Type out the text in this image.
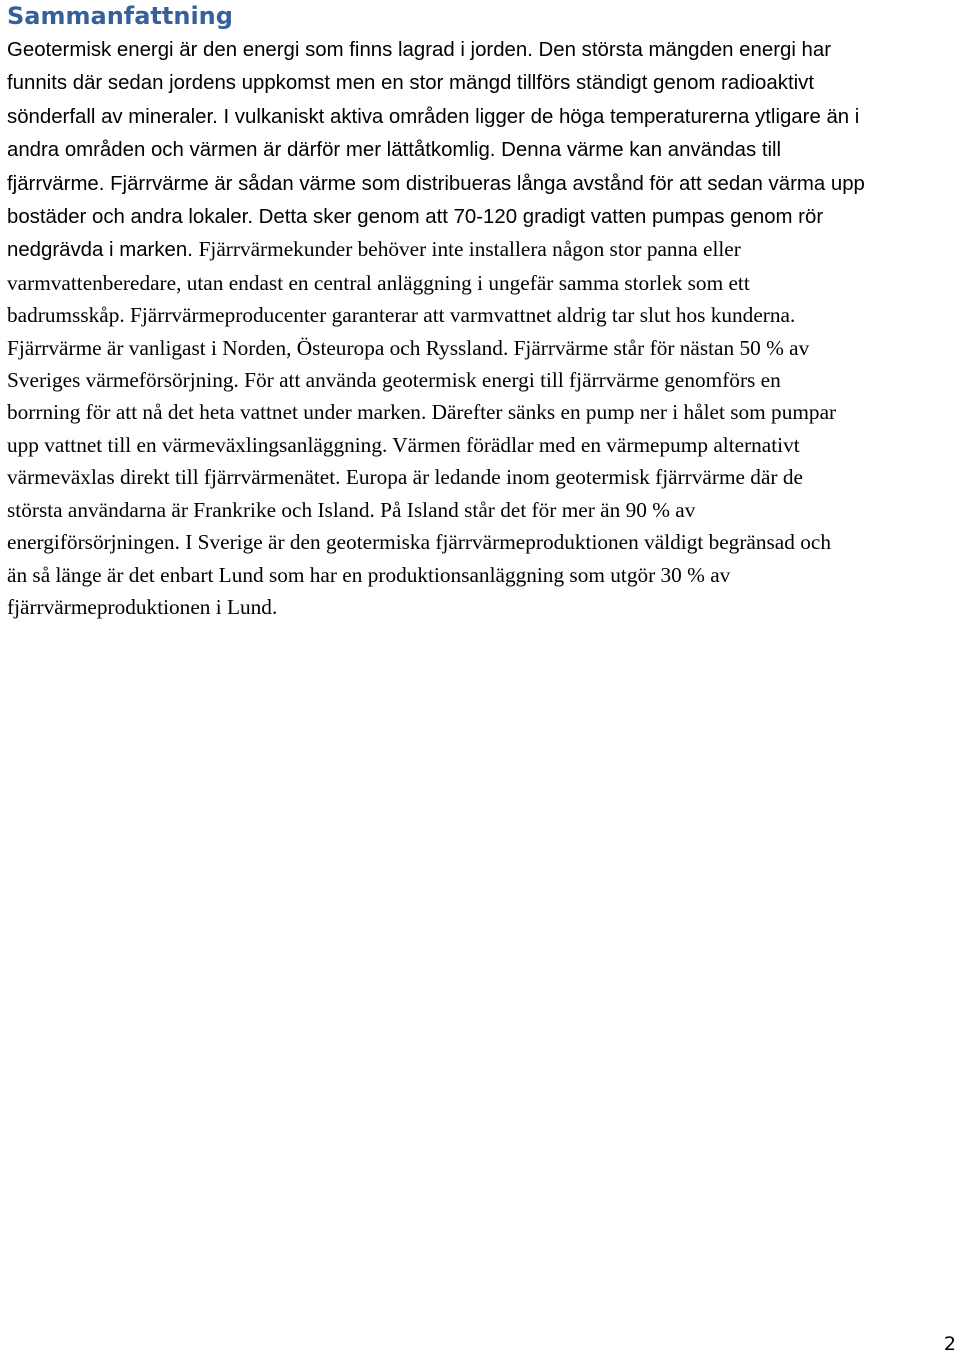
Sammanfattning
Geotermisk energi är den energi som finns lagrad i jorden. Den största mängden energi har
funnits där sedan jordens uppkomst men en stor mängd tillförs ständigt genom radioaktivt
sönderfall av mineraler. I vulkaniskt aktiva områden ligger de höga temperaturerna ytligare än i
andra områden och värmen är därför mer lättåtkomlig. Denna värme kan användas till
fjärrvärme. Fjärrvärme är sådan värme som distribueras långa avstånd för att sedan värma upp
bostäder och andra lokaler. Detta sker genom att 70-120 gradigt vatten pumpas genom rör
nedgrävda i marken. Fjärrvärmekunder behöver inte installera någon stor panna eller
varmvattenberedare, utan endast en central anläggning i ungefär samma storlek som ett
badrumsskåp. Fjärrvärmeproducenter garanterar att varmvattnet aldrig tar slut hos kunderna.
Fjärrvärme är vanligast i Norden, Östeuropa och Ryssland. Fjärrvärme står för nästan 50 % av
Sveriges värmeförsörjning. För att använda geotermisk energi till fjärrvärme genomförs en
borrning för att nå det heta vattnet under marken. Därefter sänks en pump ner i hålet som pumpar
upp vattnet till en värmeväxlingsanläggning. Värmen förädlar med en värmepump alternativt
värmeväxlas direkt till fjärrvärmenätet. Europa är ledande inom geotermisk fjärrvärme där de
största användarna är Frankrike och Island. På Island står det för mer än 90 % av
energiförsörjningen. I Sverige är den geotermiska fjärrvärmeproduktionen väldigt begränsad och
än så länge är det enbart Lund som har en produktionsanläggning som utgör 30 % av
fjärrvärmeproduktionen i Lund.
2
